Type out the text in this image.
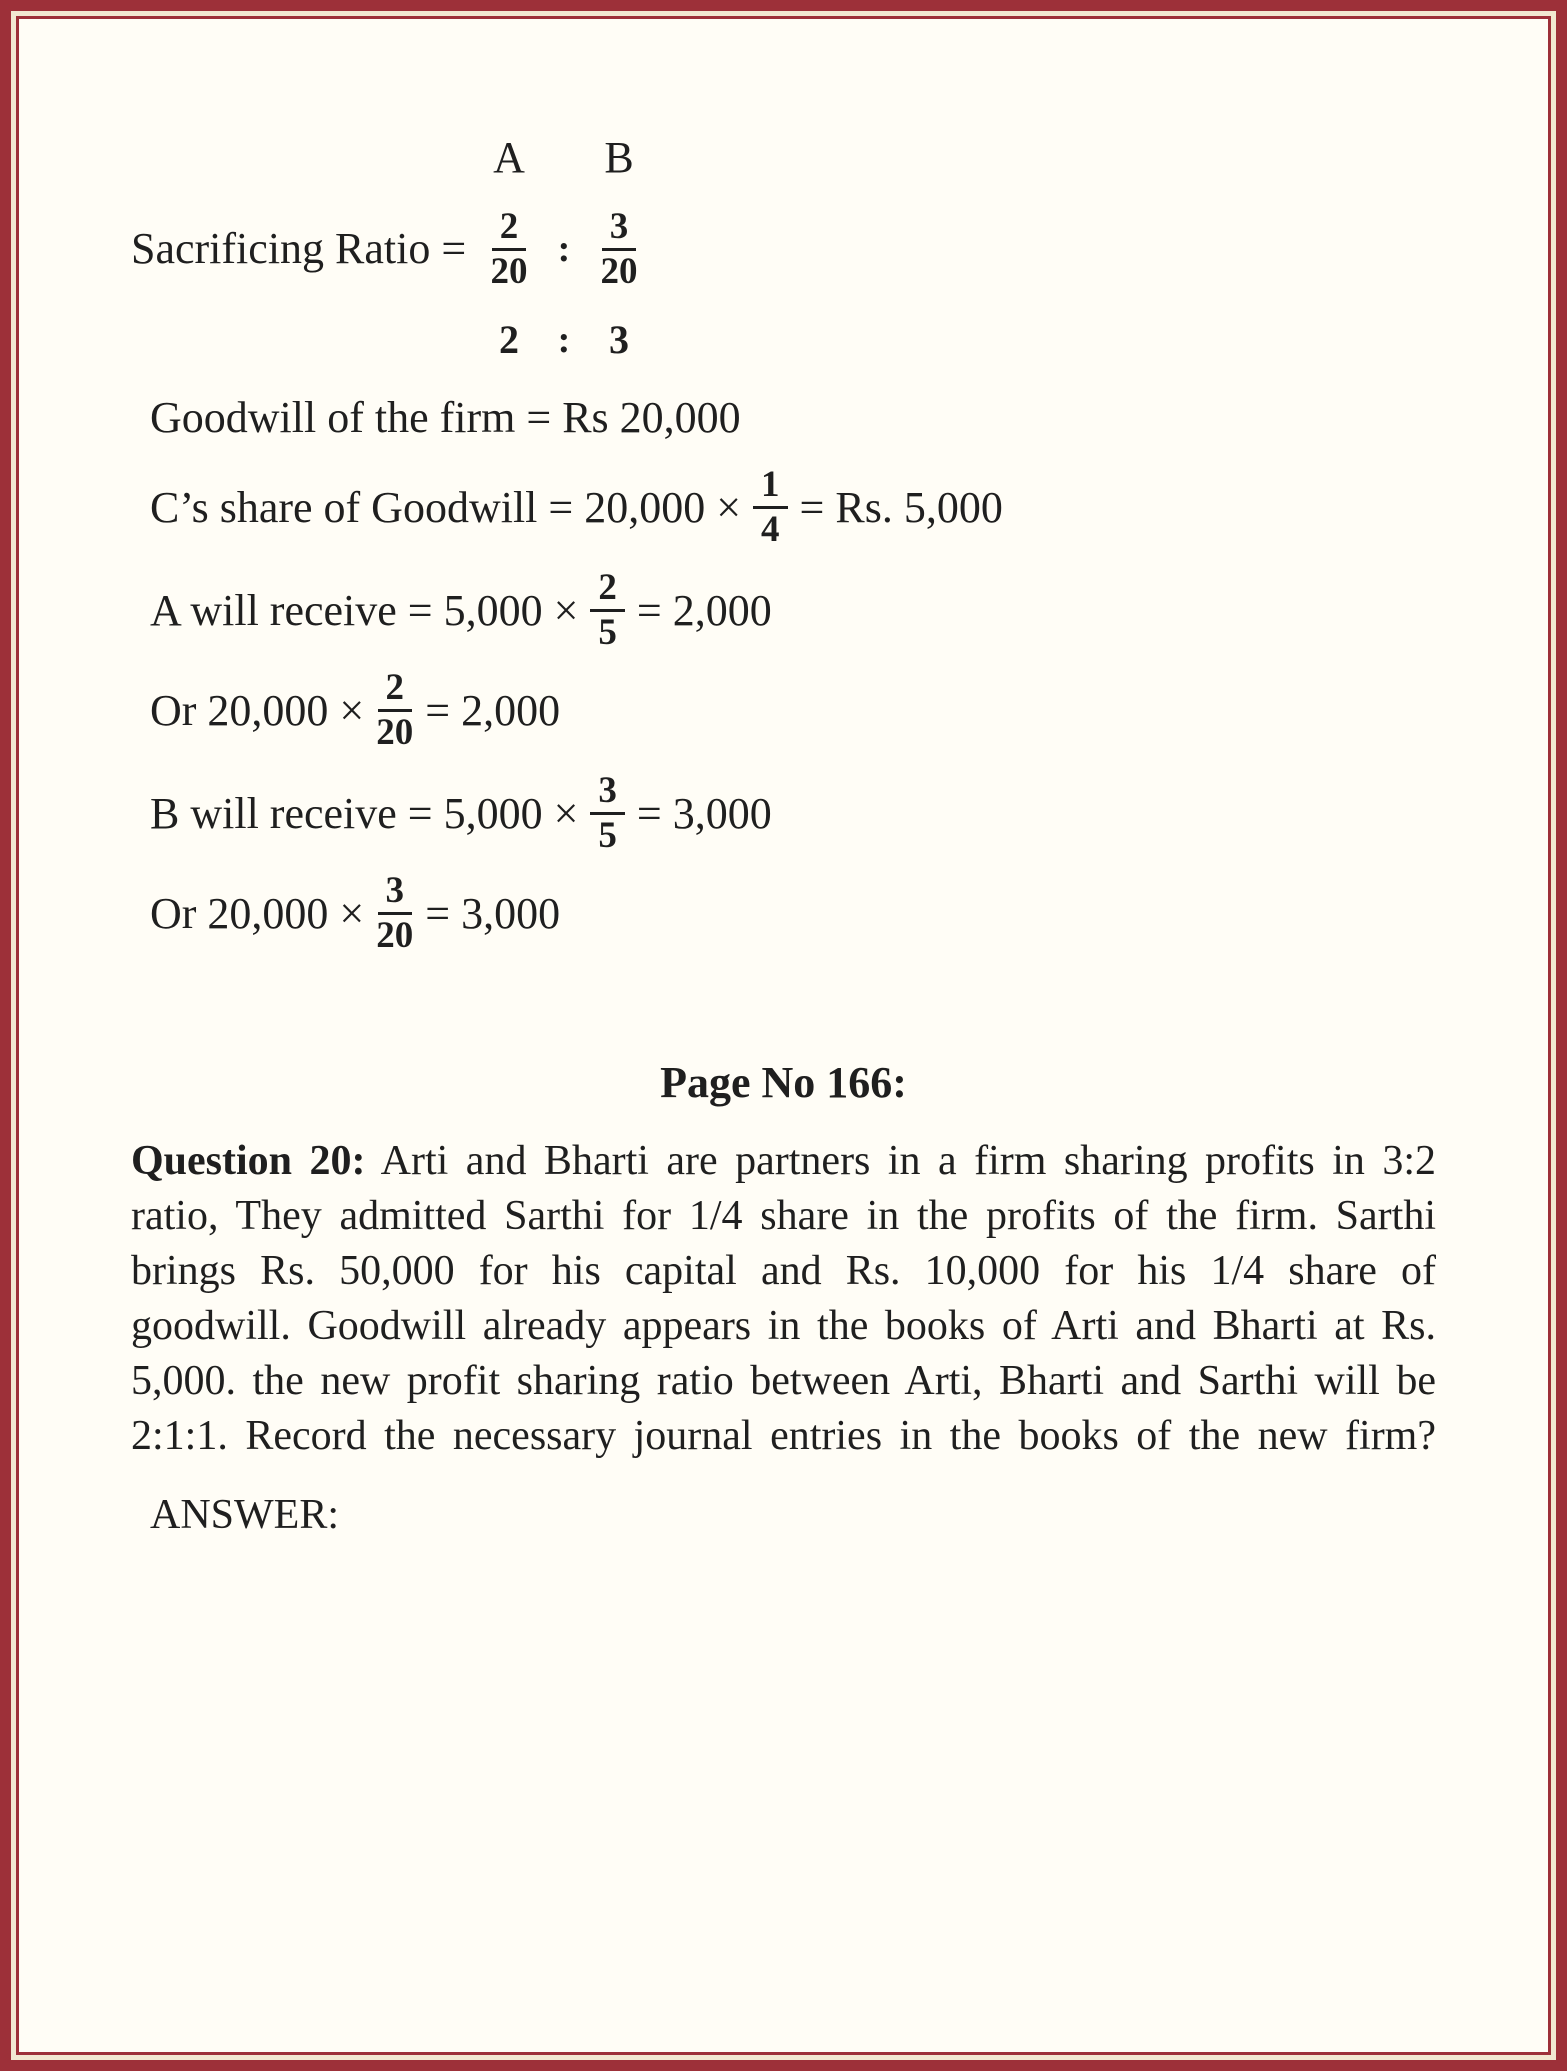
A	B
Sacrificing Ratio = $\frac{2}{20}$ : $\frac{3}{20}$
2	: 3
Goodwill of the firm = Rs 20,000
C’s share of Goodwill = $20,000 \times \frac{1}{4} = Rs$. 5,000
A will receive = $5,000 \times \frac{2}{5} = 2,000$
Or $20,000 \times \frac{2}{20} = 2,000$
B will receive = $5,000 \times \frac{3}{5} = 3,000$
Or $20,000 \times \frac{3}{20} = 3,000$
Page No 166:
Question 20: Arti and Bharti are partners in a firm sharing profits in 3:2
ratio, They admitted Sarthi for 1/4 share in the profits of the firm. Sarthi
brings Rs. 50,000 for his capital and Rs. 10,000 for his 1/4 share of
goodwill. Goodwill already appears in the books of Arti and Bharti at Rs.
5,000. the new profit sharing ratio between Arti, Bharti and Sarthi will be
2:1:1. Record the necessary journal entries in the books of the new firm?
ANSWER:
